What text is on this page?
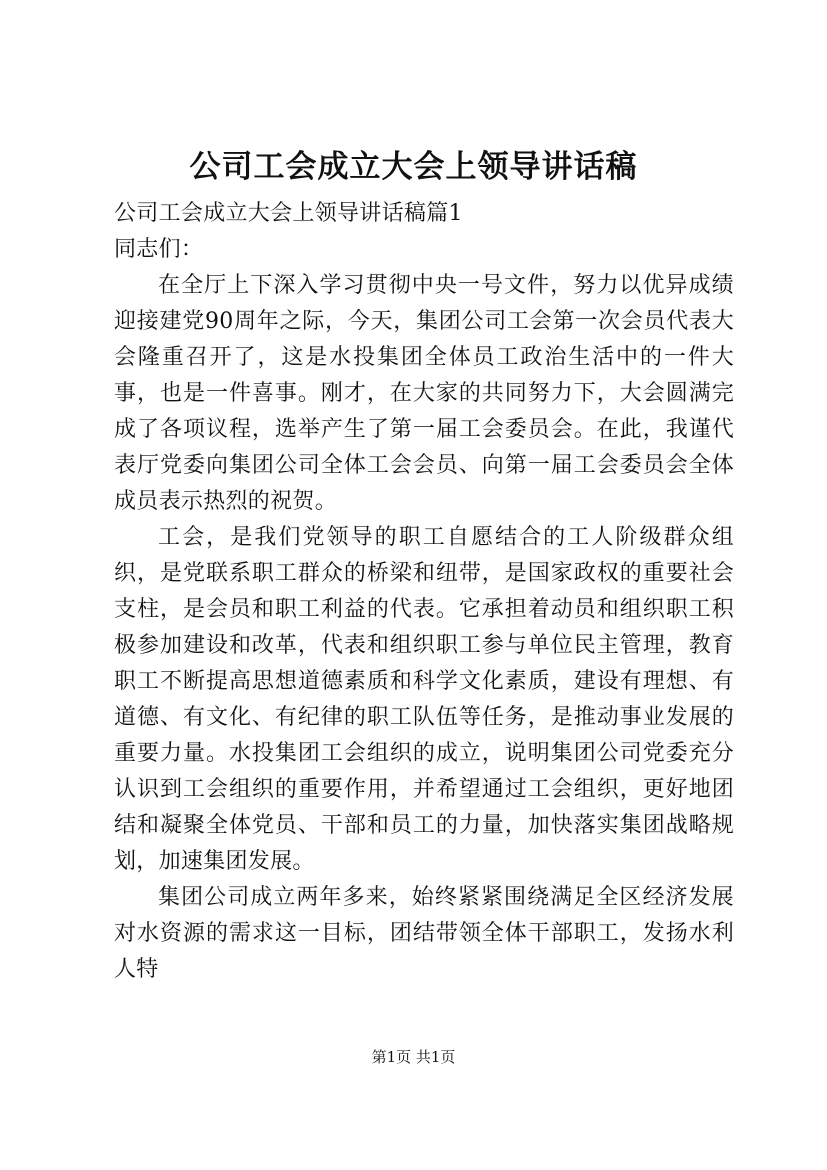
公司工会成立大会上领导讲话稿

公司工会成立大会上领导讲话稿篇1

同志们：

在全厅上下深入学习贯彻中央一号文件，努力以优异成绩迎接建党90周年之际，今天，集团公司工会第一次会员代表大会隆重召开了，这是水投集团全体员工政治生活中的一件大事，也是一件喜事。刚才，在大家的共同努力下，大会圆满完成了各项议程，选举产生了第一届工会委员会。在此，我谨代表厅党委向集团公司全体工会会员、向第一届工会委员会全体成员表示热烈的祝贺。

工会，是我们党领导的职工自愿结合的工人阶级群众组织，是党联系职工群众的桥梁和纽带，是国家政权的重要社会支柱，是会员和职工利益的代表。它承担着动员和组织职工积极参加建设和改革，代表和组织职工参与单位民主管理，教育职工不断提高思想道德素质和科学文化素质，建设有理想、有道德、有文化、有纪律的职工队伍等任务，是推动事业发展的重要力量。水投集团工会组织的成立，说明集团公司党委充分认识到工会组织的重要作用，并希望通过工会组织，更好地团结和凝聚全体党员、干部和员工的力量，加快落实集团战略规划，加速集团发展。

集团公司成立两年多来，始终紧紧围绕满足全区经济发展对水资源的需求这一目标，团结带领全体干部职工，发扬水利人特

第1页 共1页
